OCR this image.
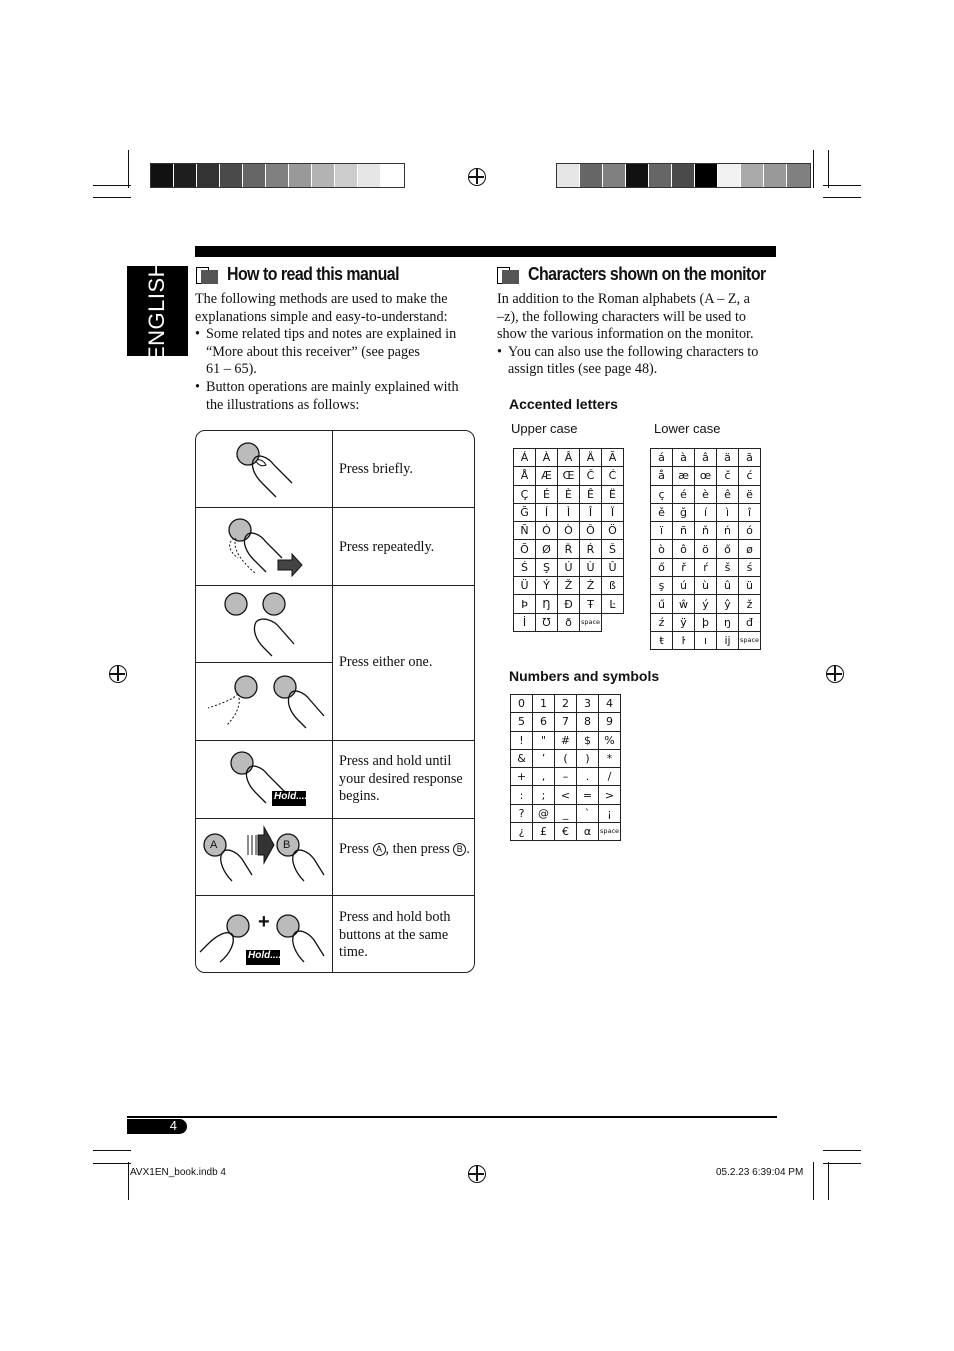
ENGLISH	How to read this manual

The following methods are used to make the explanations simple and easy-to-understand:

• Some related tips and notes are explained in
“More about this receiver” (see pages
61 – 65).
• Button operations are mainly explained with
the illustrations as follows:
Press briefly.
Press repeatedly.
Press either one.
Hold....
Press and hold until
your desired response
begins.
A	B	Press A , then press B .
+
Hold....
Press and hold both
buttons at the same
time.
Characters shown on the monitor
In addition to the Roman alphabets (A – Z, a
–z), the following characters will be used to
show the various information on the monitor.
• You can also use the following characters to
assign titles (see page 48).
Accented letters
Upper case	Lower case
Á	À	Â	Ä	Ã
Å	Æ	Œ	Č	Ć
Ç	É	È	Ê	Ë
Ğ	Í	Ì	Î	Ï
Ñ	Ó	Ò	Ô	Ö
Õ	Ø	Ř	Ŕ	Š
Ś	Ş	Ú	Ù	Û
Ü	Ý	Ž	Ź	ß
Þ	Ŋ	Ð	Ŧ	Ŀ
İ	Ʊ	ð	space	
á	à	â	ä	ã
å	æ	œ	č	ć
ç	é	è	ê	ë
ě	ğ	í	ì	î
ï	ñ	ň	ń	ó
ò	ô	ö	ő	ø
ő	ř	ŕ	š	ś
ş	ú	ù	û	ü
ű	ŵ	ý	ŷ	ž
ź	ÿ	þ	ŋ	đ
ŧ	ŀ	ı	ij	space
Numbers and symbols
0	1	2	3	4
5	6	7	8	9
!	"	#	$	%
&	’	(	)	*
+	,	–	.	/
:	;	<	=	>
?	@	_	`	¡
¿	£	€	α	space
4
AVX1EN_book.indb 4	05.2.23 6:39:04 PM
